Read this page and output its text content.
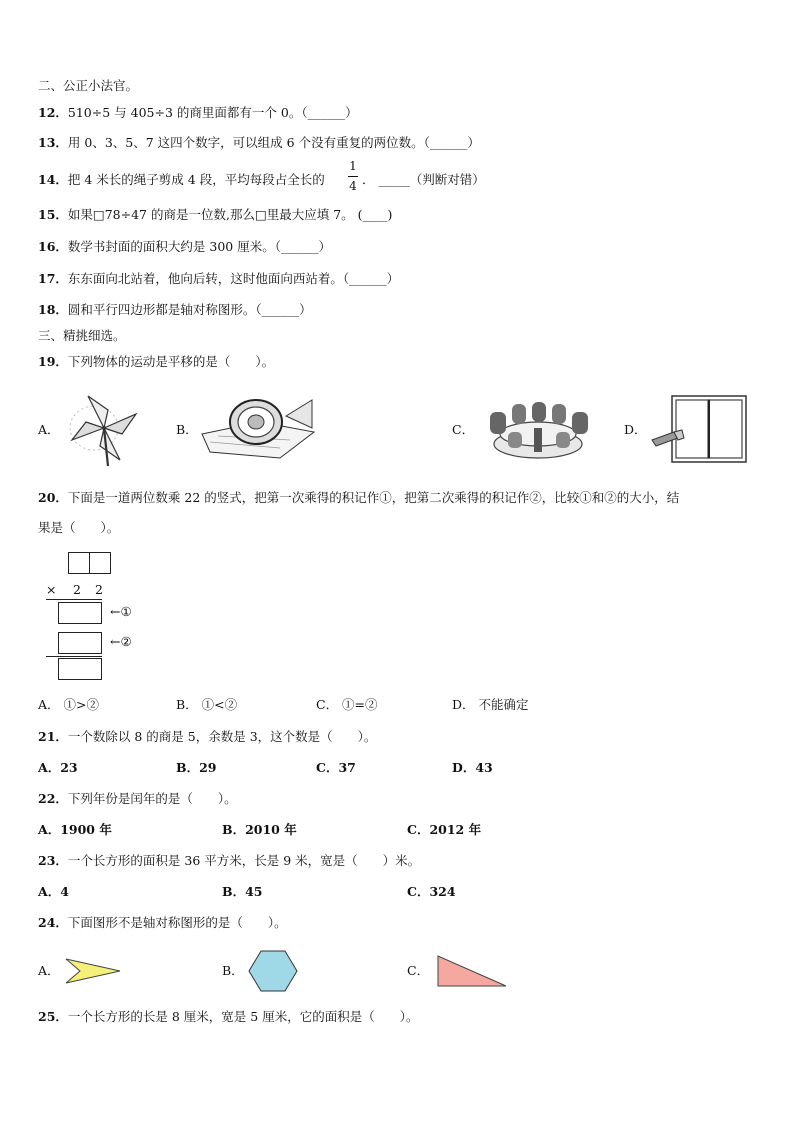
二、公正小法官。
12．510÷5 与 405÷3 的商里面都有一个 0。（______）
13．用 0、3、5、7 这四个数字，可以组成 6 个没有重复的两位数。（______）
14．把 4 米长的绳子剪成 4 段，平均每段占全长的
1
4 ． _____（判断对错）
15．如果□78÷47 的商是一位数,那么□里最大应填 7。 (____)
16．数学书封面的面积大约是 300 厘米。（______）
17．东东面向北站着，他向后转，这时他面向西站着。（______）
18．圆和平行四边形都是轴对称图形。（______）
三、精挑细选。
19．下列物体的运动是平移的是（　　）。
A．	B．	C．	D．
20．下面是一道两位数乘 22 的竖式，把第一次乘得的积记作①，把第二次乘得的积记作②，比较①和②的大小，结
果是（　　）。
× 2 2
←①
←②
A． ①>②	B． ①<②	C． ①=②	D． 不能确定
21．一个数除以 8 的商是 5，余数是 3，这个数是（　　）。
A．23	B．29	C．37	D．43
22．下列年份是闰年的是（　　）。
A．1900 年	B．2010 年	C．2012 年
23．一个长方形的面积是 36 平方米，长是 9 米，宽是（　　）米。
A．4	B．45	C．324
24．下面图形不是轴对称图形的是（　　）。
A．	B．	C．
25．一个长方形的长是 8 厘米，宽是 5 厘米，它的面积是（　　）。
